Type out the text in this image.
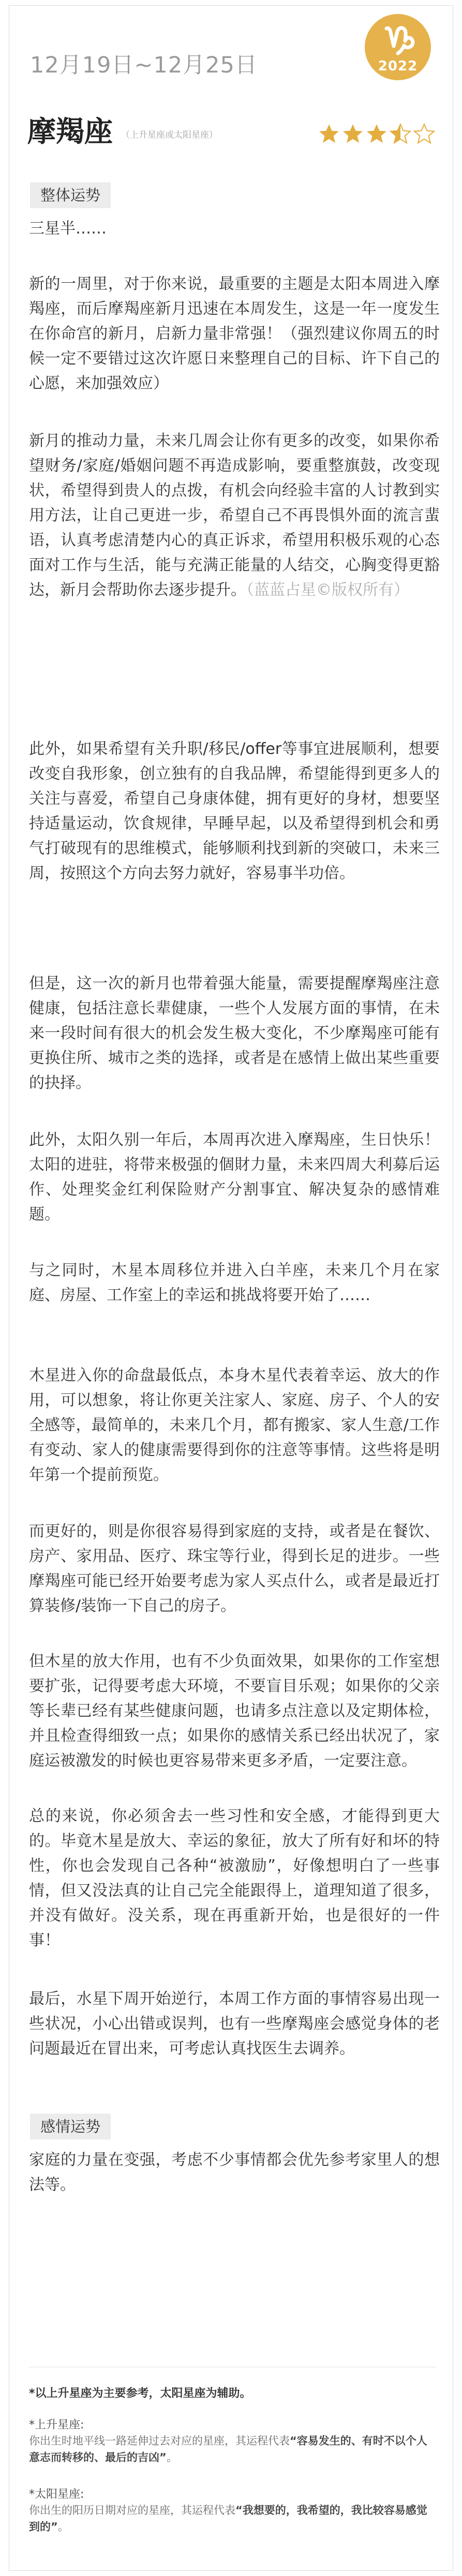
12月19日~12月25日	2022
摩羯座 （上升星座或太阳星座）
整体运势

三星半……

新的一周里，对于你来说，最重要的主题是太阳本周进入摩羯座，而后摩羯座新月迅速在本周发生，这是一年一度发生在你命宫的新月，启新力量非常强！（强烈建议你周五的时候一定不要错过这次许愿日来整理自己的目标、许下自己的心愿，来加强效应）

新月的推动力量，未来几周会让你有更多的改变，如果你希望财务/家庭/婚姻问题不再造成影响，要重整旗鼓，改变现状，希望得到贵人的点拨，有机会向经验丰富的人讨教到实用方法，让自己更进一步，希望自己不再畏惧外面的流言蜚语，认真考虑清楚内心的真正诉求，希望用积极乐观的心态面对工作与生活，能与充满正能量的人结交，心胸变得更豁达，新月会帮助你去逐步提升。（蓝蓝占星©版权所有）

此外，如果希望有关升职/移民/offer等事宜进展顺利，想要改变自我形象，创立独有的自我品牌，希望能得到更多人的关注与喜爱，希望自己身康体健，拥有更好的身材，想要坚持适量运动，饮食规律，早睡早起，以及希望得到机会和勇气打破现有的思维模式，能够顺利找到新的突破口，未来三周，按照这个方向去努力就好，容易事半功倍。

但是，这一次的新月也带着强大能量，需要提醒摩羯座注意健康，包括注意长辈健康，一些个人发展方面的事情，在未来一段时间有很大的机会发生极大变化，不少摩羯座可能有更换住所、城市之类的选择，或者是在感情上做出某些重要的抉择。

此外，太阳久别一年后，本周再次进入摩羯座，生日快乐！太阳的进驻，将带来极强的個財力量，未来四周大利募后运作、处理奖金红利保险财产分割事宜、解决复杂的感情难题。

与之同时，木星本周移位并进入白羊座，未来几个月在家庭、房屋、工作室上的幸运和挑战将要开始了……

木星进入你的命盘最低点，本身木星代表着幸运、放大的作用，可以想象，将让你更关注家人、家庭、房子、个人的安全感等，最简单的，未来几个月，都有搬家、家人生意/工作有变动、家人的健康需要得到你的注意等事情。这些将是明年第一个提前预览。

而更好的，则是你很容易得到家庭的支持，或者是在餐饮、房产、家用品、医疗、珠宝等行业，得到长足的进步。一些摩羯座可能已经开始要考虑为家人买点什么，或者是最近打算装修/装饰一下自己的房子。

但木星的放大作用，也有不少负面效果，如果你的工作室想要扩张，记得要考虑大环境，不要盲目乐观；如果你的父亲等长辈已经有某些健康问题，也请多点注意以及定期体检，并且检查得细致一点；如果你的感情关系已经出状况了，家庭运被激发的时候也更容易带来更多矛盾，一定要注意。

总的来说，你必须舍去一些习性和安全感，才能得到更大的。毕竟木星是放大、幸运的象征，放大了所有好和坏的特性，你也会发现自己各种“被激励”，好像想明白了一些事情，但又没法真的让自己完全能跟得上，道理知道了很多，并没有做好。没关系，现在再重新开始，也是很好的一件事！

最后，水星下周开始逆行，本周工作方面的事情容易出现一些状况，小心出错或误判，也有一些摩羯座会感觉身体的老问题最近在冒出来，可考虑认真找医生去调养。

感情运势

家庭的力量在变强，考虑不少事情都会优先参考家里人的想法等。

*以上升星座为主要参考，太阳星座为辅助。
*上升星座:

你出生时地平线一路延伸过去对应的星座，其运程代表“容易发生的、有时不以个人意志而转移的、最后的吉凶”。

*太阳星座:

你出生的阳历日期对应的星座，其运程代表“我想要的，我希望的，我比较容易感觉到的”。
